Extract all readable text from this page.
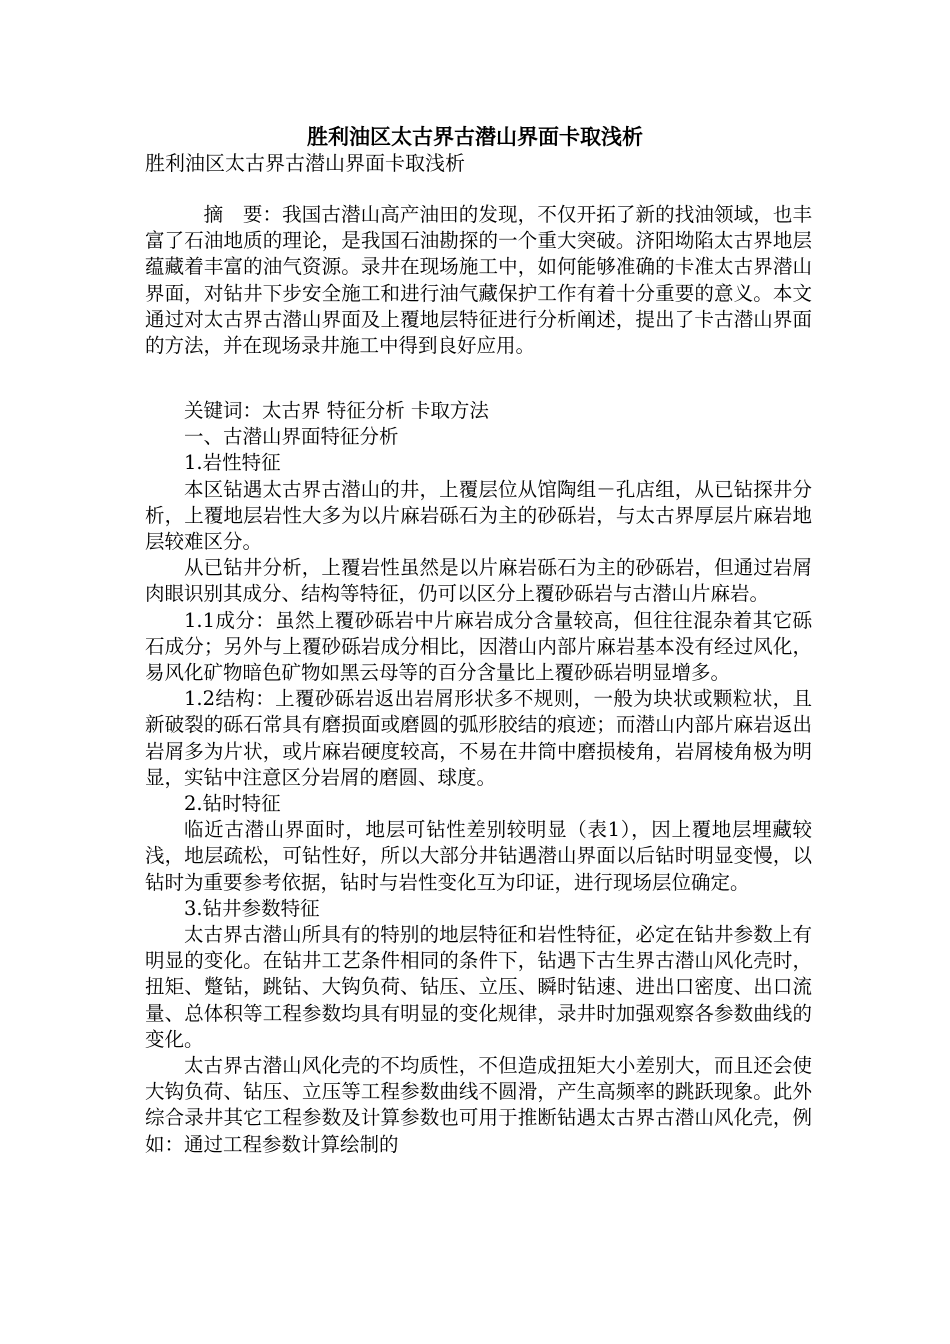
胜利油区太古界古潜山界面卡取浅析
胜利油区太古界古潜山界面卡取浅析

　摘　要：我国古潜山高产油田的发现，不仅开拓了新的找油领域，也丰富了石油地质的理论，是我国石油勘探的一个重大突破。济阳坳陷太古界地层蕴藏着丰富的油气资源。录井在现场施工中，如何能够准确的卡准太古界潜山界面，对钻井下步安全施工和进行油气藏保护工作有着十分重要的意义。本文通过对太古界古潜山界面及上覆地层特征进行分析阐述，提出了卡古潜山界面的方法，并在现场录井施工中得到良好应用。

关键词：太古界 特征分析 卡取方法

一、古潜山界面特征分析

1.岩性特征

本区钻遇太古界古潜山的井，上覆层位从馆陶组－孔店组，从已钻探井分析，上覆地层岩性大多为以片麻岩砾石为主的砂砾岩，与太古界厚层片麻岩地层较难区分。

从已钻井分析，上覆岩性虽然是以片麻岩砾石为主的砂砾岩，但通过岩屑肉眼识别其成分、结构等特征，仍可以区分上覆砂砾岩与古潜山片麻岩。

1.1成分：虽然上覆砂砾岩中片麻岩成分含量较高，但往往混杂着其它砾石成分；另外与上覆砂砾岩成分相比，因潜山内部片麻岩基本没有经过风化，易风化矿物暗色矿物如黑云母等的百分含量比上覆砂砾岩明显增多。

1.2结构：上覆砂砾岩返出岩屑形状多不规则，一般为块状或颗粒状，且新破裂的砾石常具有磨损面或磨圆的弧形胶结的痕迹；而潜山内部片麻岩返出岩屑多为片状，或片麻岩硬度较高，不易在井筒中磨损棱角，岩屑棱角极为明显，实钻中注意区分岩屑的磨圆、球度。

2.钻时特征

临近古潜山界面时，地层可钻性差别较明显（表1），因上覆地层埋藏较浅，地层疏松，可钻性好，所以大部分井钻遇潜山界面以后钻时明显变慢，以钻时为重要参考依据，钻时与岩性变化互为印证，进行现场层位确定。

3.钻井参数特征

太古界古潜山所具有的特别的地层特征和岩性特征，必定在钻井参数上有明显的变化。在钻井工艺条件相同的条件下，钻遇下古生界古潜山风化壳时，扭矩、蹩钻，跳钻、大钩负荷、钻压、立压、瞬时钻速、进出口密度、出口流量、总体积等工程参数均具有明显的变化规律，录井时加强观察各参数曲线的变化。

太古界古潜山风化壳的不均质性，不但造成扭矩大小差别大，而且还会使大钩负荷、钻压、立压等工程参数曲线不圆滑，产生高频率的跳跃现象。此外综合录井其它工程参数及计算参数也可用于推断钻遇太古界古潜山风化壳，例如：通过工程参数计算绘制的
